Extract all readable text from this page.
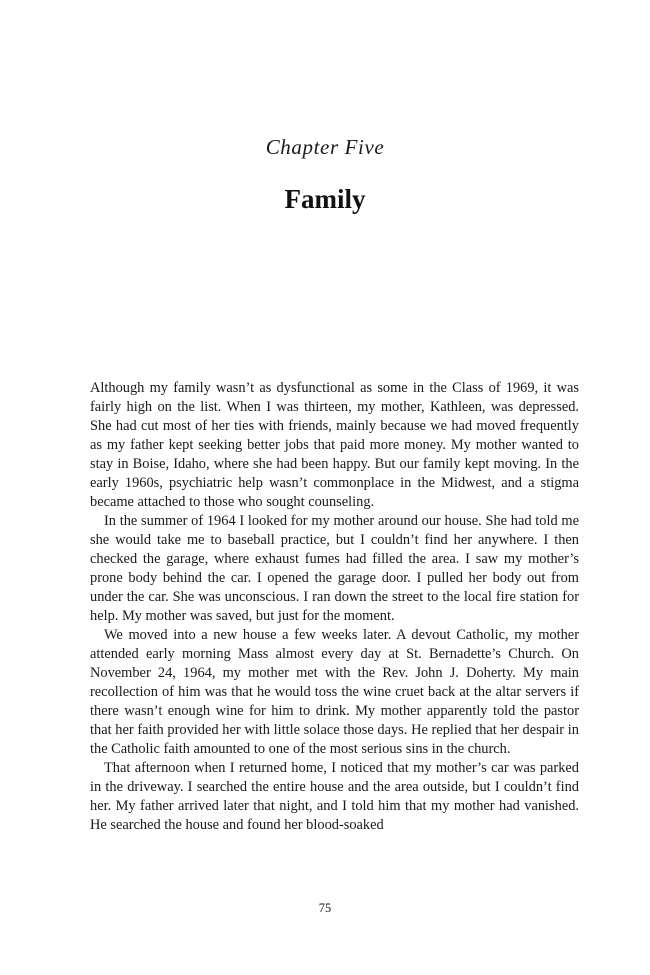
Chapter Five
Family

Although my family wasn’t as dysfunctional as some in the Class of 1969, it was fairly high on the list. When I was thirteen, my mother, Kathleen, was depressed. She had cut most of her ties with friends, mainly because we had moved frequently as my father kept seeking better jobs that paid more money. My mother wanted to stay in Boise, Idaho, where she had been happy. But our family kept moving. In the early 1960s, psychiatric help wasn’t commonplace in the Midwest, and a stigma became attached to those who sought counseling.

In the summer of 1964 I looked for my mother around our house. She had told me she would take me to baseball practice, but I couldn’t find her anywhere. I then checked the garage, where exhaust fumes had filled the area. I saw my mother’s prone body behind the car. I opened the garage door. I pulled her body out from under the car. She was unconscious. I ran down the street to the local fire station for help. My mother was saved, but just for the moment.

We moved into a new house a few weeks later. A devout Catholic, my mother attended early morning Mass almost every day at St. Bernadette’s Church. On November 24, 1964, my mother met with the Rev. John J. Doherty. My main recollection of him was that he would toss the wine cruet back at the altar servers if there wasn’t enough wine for him to drink. My mother apparently told the pastor that her faith provided her with little solace those days. He replied that her despair in the Catholic faith amounted to one of the most serious sins in the church.

That afternoon when I returned home, I noticed that my mother’s car was parked in the driveway. I searched the entire house and the area outside, but I couldn’t find her. My father arrived later that night, and I told him that my mother had vanished. He searched the house and found her blood-soaked

75
